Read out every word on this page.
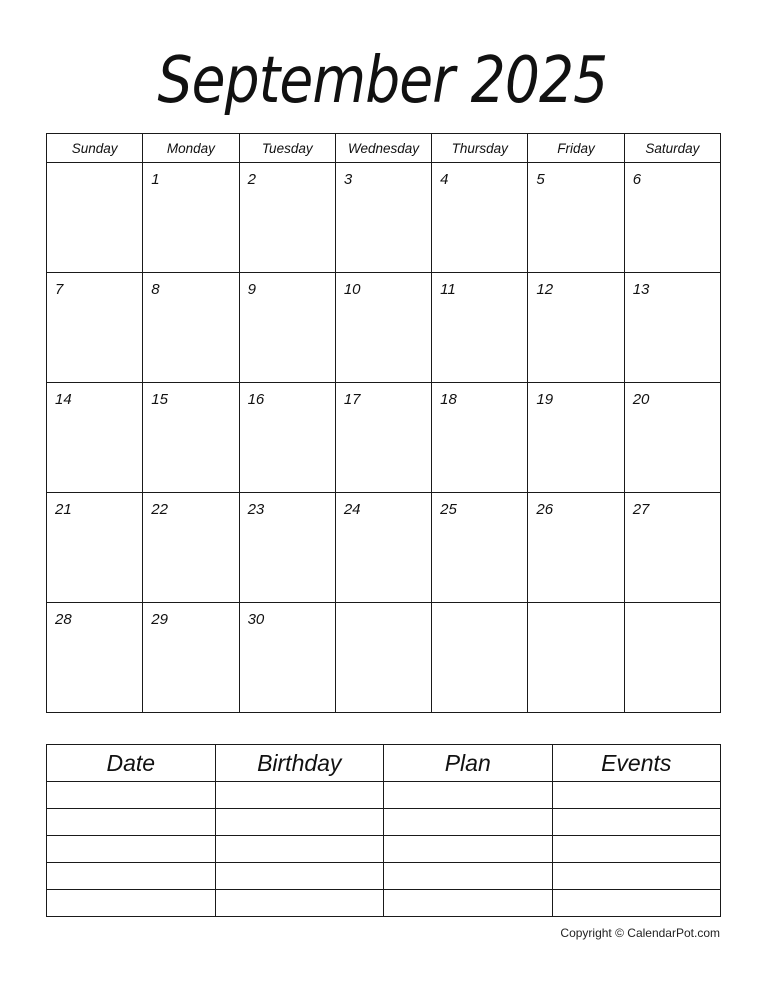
September 2025
Sunday	Monday	Tuesday	Wednesday	Thursday	Friday	Saturday

	1	2	3	4	5	6

7	8	9	10	11	12	13

14	15	16	17	18	19	20

21	22	23	24	25	26	27

28	29	30				

Date	Birthday	Plan	Events

Copyright © CalendarPot.com
